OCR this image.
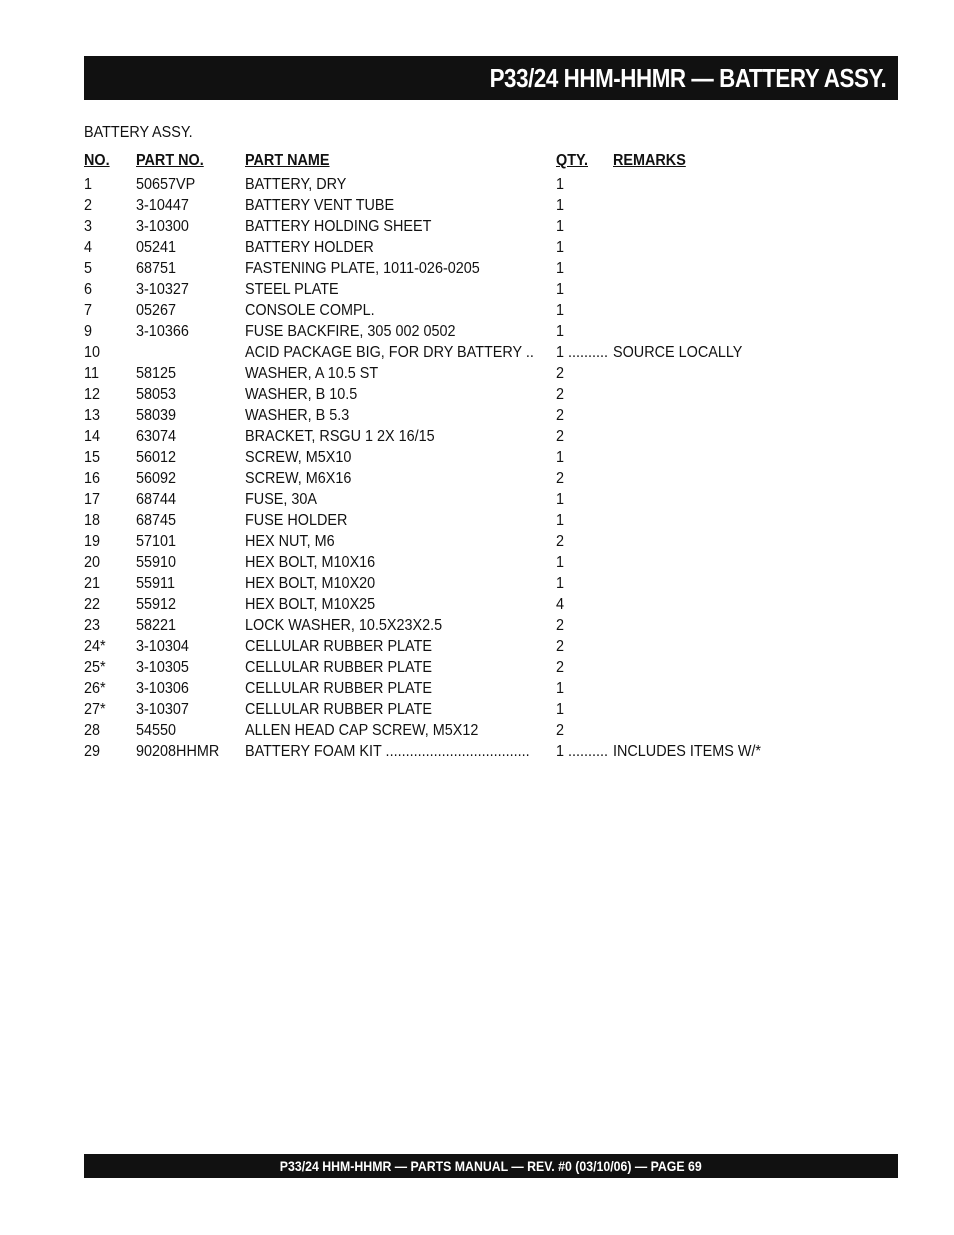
P33/24 HHM-HHMR — BATTERY ASSY.
BATTERY ASSY.
NO. PART NO.	PART NAME	QTY. REMARKS
1	50657VP	BATTERY, DRY	1
2	3-10447	BATTERY VENT TUBE	1
3	3-10300	BATTERY HOLDING SHEET	1
4	05241	BATTERY HOLDER	1
5	68751	FASTENING PLATE, 1011-026-0205	1
6	3-10327	STEEL PLATE	1
7	05267	CONSOLE COMPL.	1
9	3-10366	FUSE BACKFIRE, 305 002 0502	1
10	ACID PACKAGE BIG, FOR DRY BATTERY .. 1 .......... SOURCE LOCALLY
11 58125	WASHER, A 10.5 ST	2
12 58053	WASHER, B 10.5	2
13 58039	WASHER, B 5.3	2
14 63074	BRACKET, RSGU 1 2X 16/15	2
15 56012	SCREW, M5X10	1
16 56092	SCREW, M6X16	2
17 68744	FUSE, 30A	1
18 68745	FUSE HOLDER	1
19 57101	HEX NUT, M6	2
20 55910	HEX BOLT, M10X16	1
21 55911	HEX BOLT, M10X20	1
22 55912	HEX BOLT, M10X25	4
23 58221	LOCK WASHER, 10.5X23X2.5	2
24* 3-10304	CELLULAR RUBBER PLATE	2
25* 3-10305	CELLULAR RUBBER PLATE	2
26* 3-10306	CELLULAR RUBBER PLATE	1
27* 3-10307	CELLULAR RUBBER PLATE	1
28 54550	ALLEN HEAD CAP SCREW, M5X12	2
29 90208HHMR BATTERY FOAM KIT .................................... 1 .......... INCLUDES ITEMS W/*
P33/24 HHM-HHMR — PARTS MANUAL — REV. #0 (03/10/06) — PAGE 69
